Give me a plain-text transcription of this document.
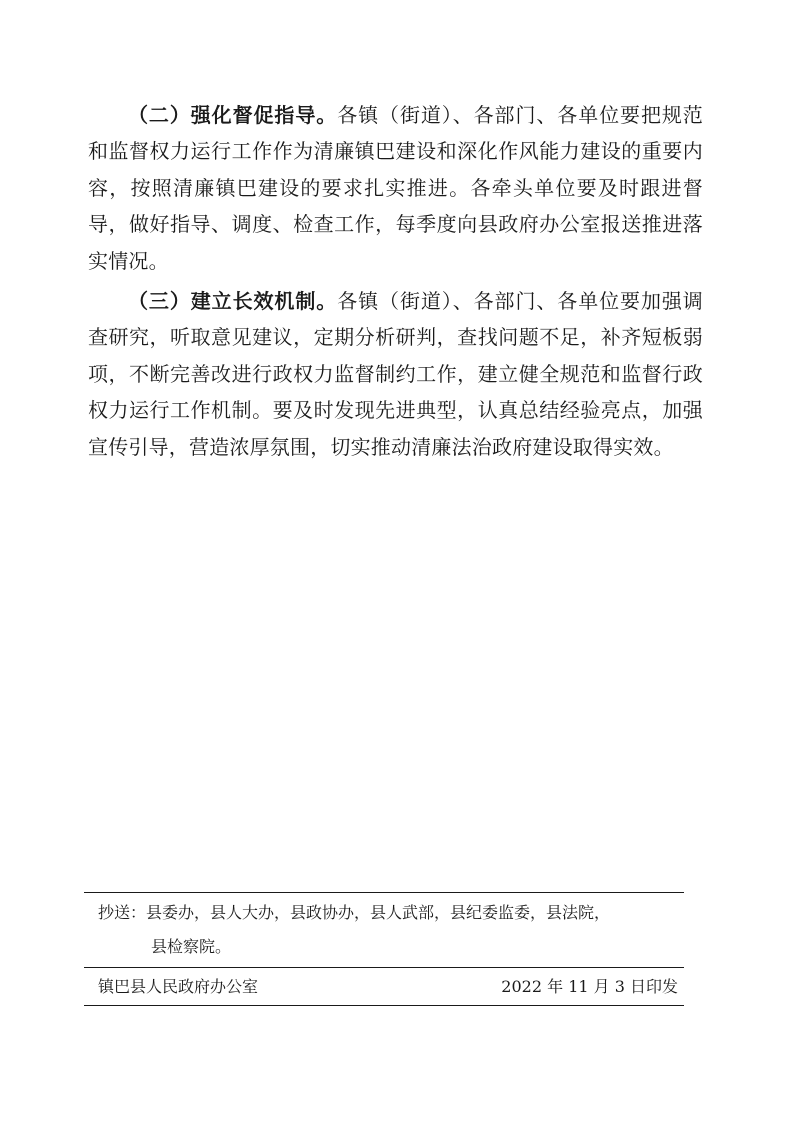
（二）强化督促指导。各镇（街道）、各部门、各单位要把规范和监督权力运行工作作为清廉镇巴建设和深化作风能力建设的重要内容，按照清廉镇巴建设的要求扎实推进。各牵头单位要及时跟进督导，做好指导、调度、检查工作，每季度向县政府办公室报送推进落实情况。

（三）建立长效机制。各镇（街道）、各部门、各单位要加强调查研究，听取意见建议，定期分析研判，查找问题不足，补齐短板弱项，不断完善改进行政权力监督制约工作，建立健全规范和监督行政权力运行工作机制。要及时发现先进典型，认真总结经验亮点，加强宣传引导，营造浓厚氛围，切实推动清廉法治政府建设取得实效。

抄送：县委办，县人大办，县政协办，县人武部，县纪委监委，县法院，
县检察院。
镇巴县人民政府办公室	2022 年 11 月 3 日印发
